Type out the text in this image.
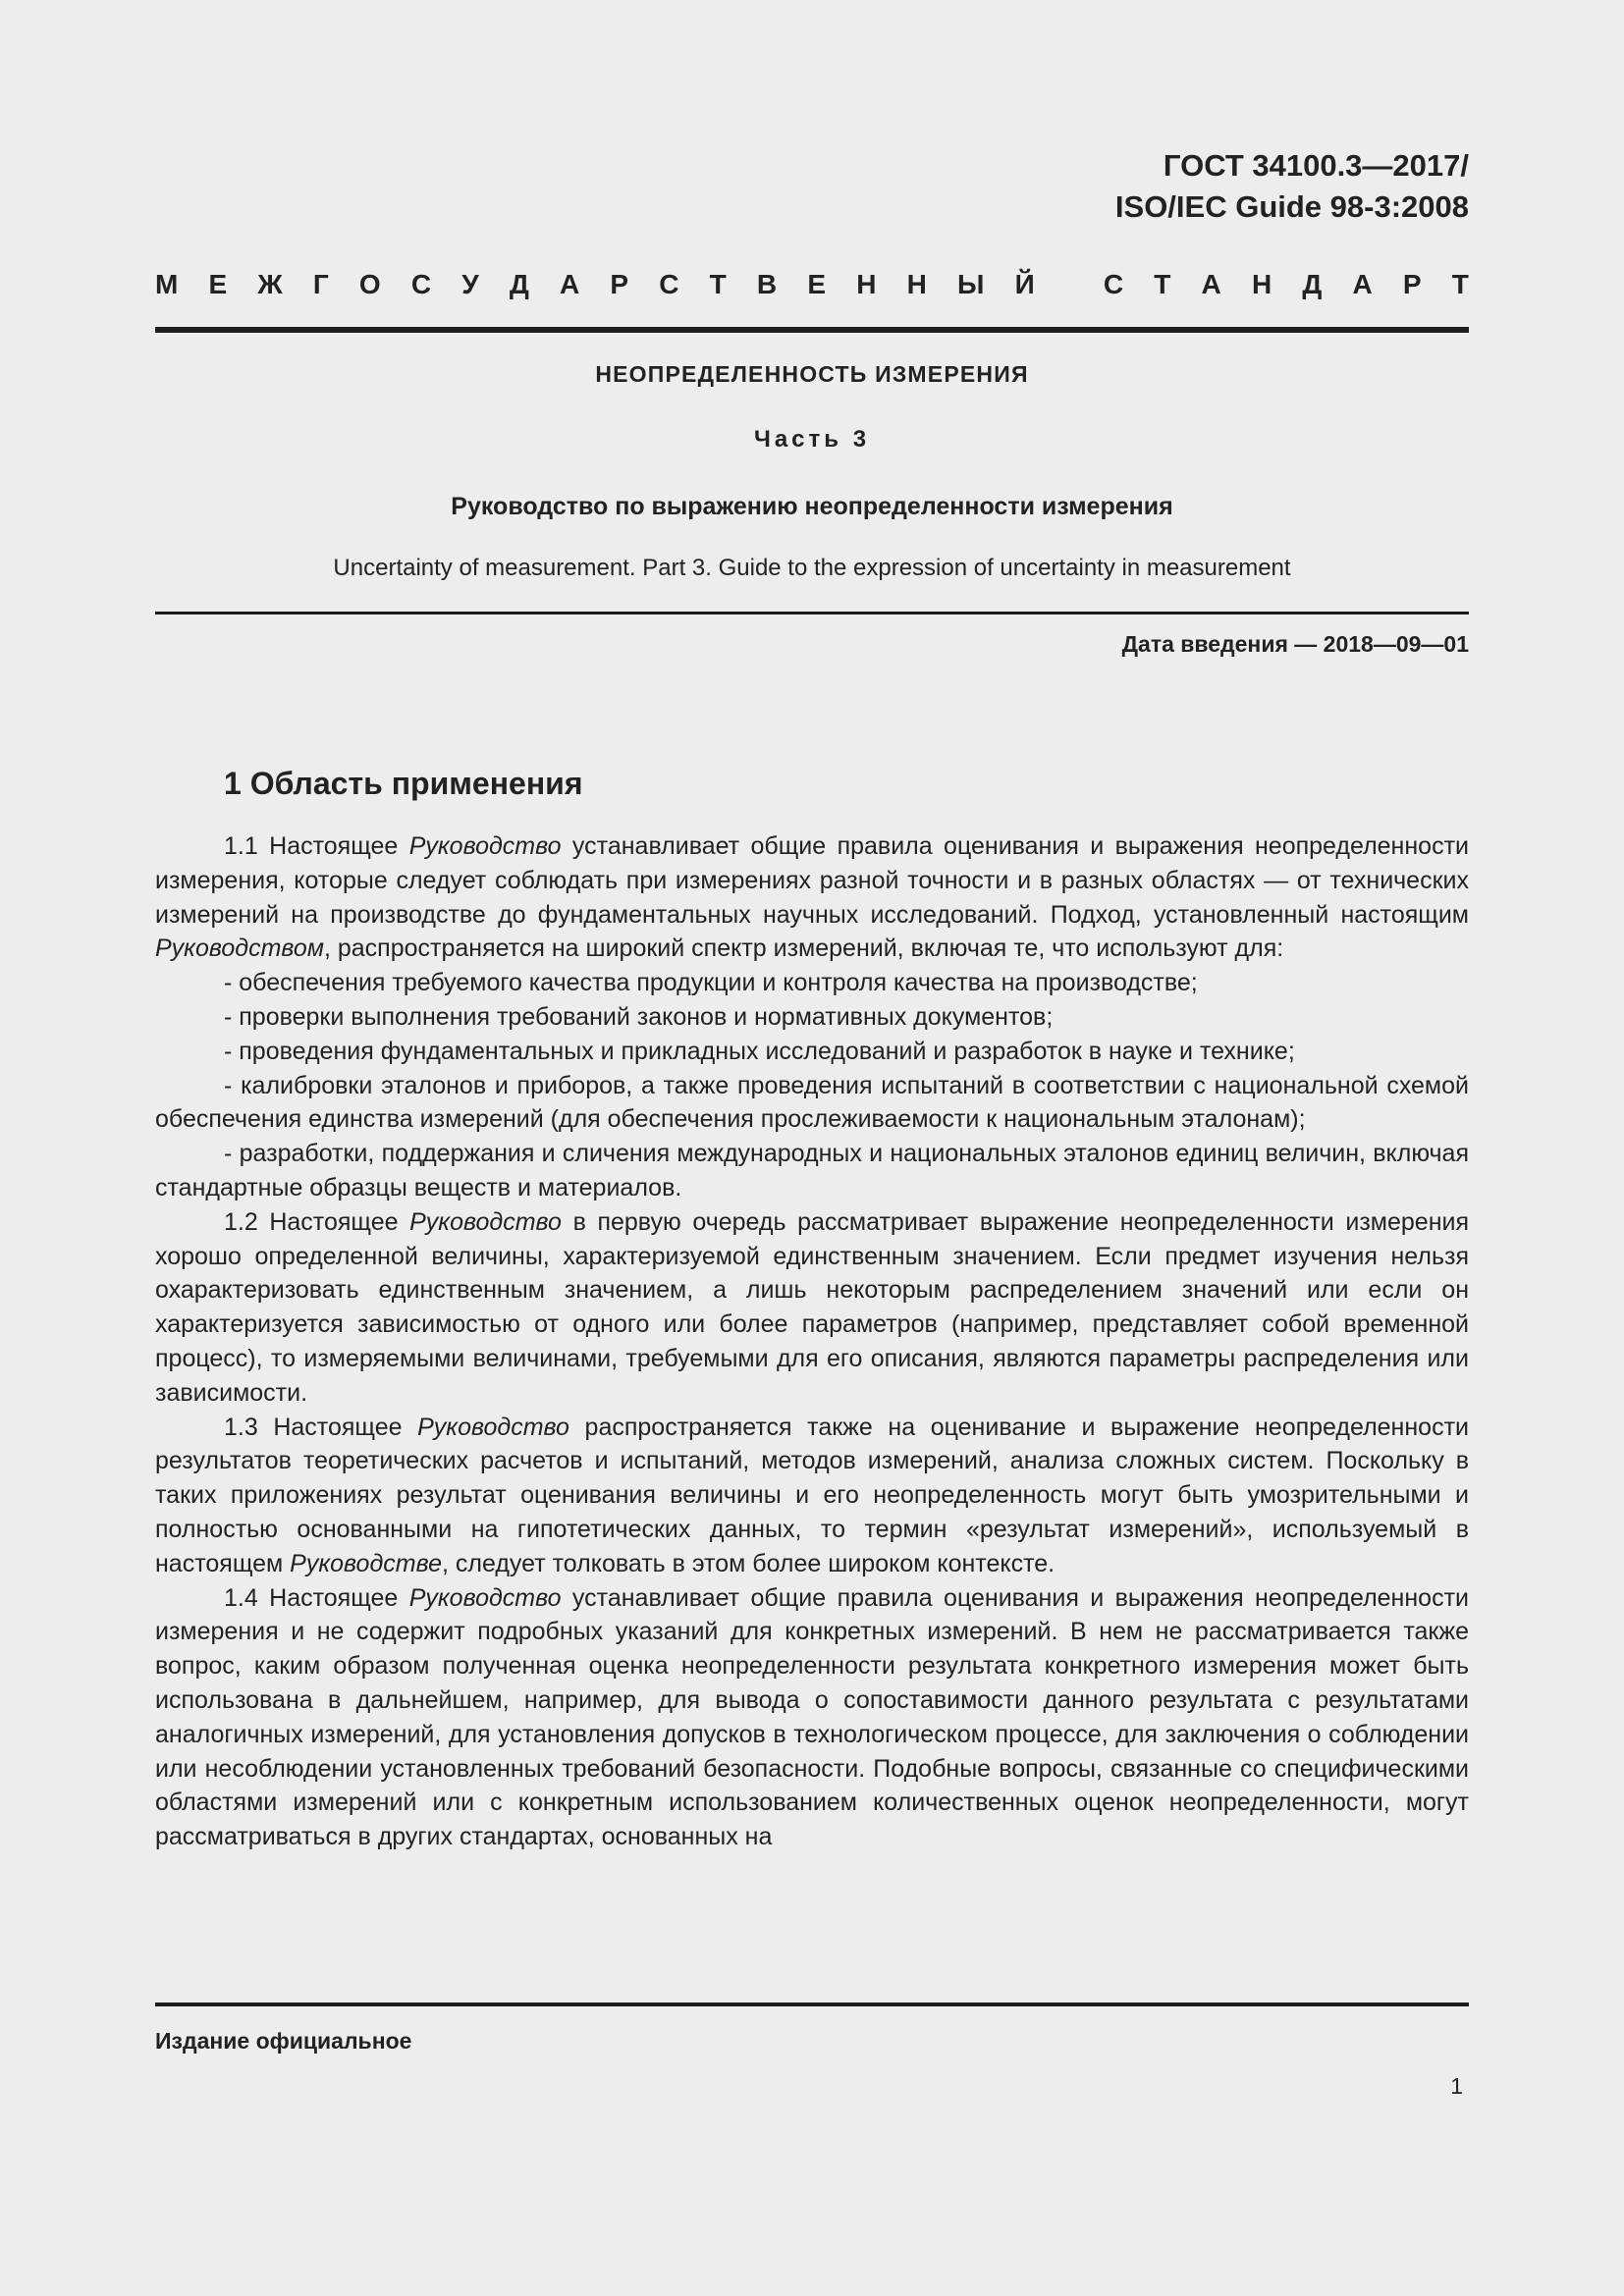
ГОСТ 34100.3—2017/
ISO/IEC Guide 98-3:2008
М Е Ж Г О С У Д А Р С Т В Е Н Н Ы Й
	С Т А Н Д А Р Т
НЕОПРЕДЕЛЕННОСТЬ ИЗМЕРЕНИЯ
Часть 3
Руководство по выражению неопределенности измерения
Uncertainty of measurement. Part 3. Guide to the expression of uncertainty in measurement
Дата введения — 2018—09—01
1 Область применения

1.1 Настоящее Руководство устанавливает общие правила оценивания и выражения неопределенности измерения, которые следует соблюдать при измерениях разной точности и в разных областях — от технических измерений на производстве до фундаментальных научных исследований. Подход, установленный настоящим Руководством, распространяется на широкий спектр измерений, включая те, что используют для:

- обеспечения требуемого качества продукции и контроля качества на производстве;

- проверки выполнения требований законов и нормативных документов;

- проведения фундаментальных и прикладных исследований и разработок в науке и технике;

- калибровки эталонов и приборов, а также проведения испытаний в соответствии с национальной схемой обеспечения единства измерений (для обеспечения прослеживаемости к национальным эталонам);

- разработки, поддержания и сличения международных и национальных эталонов единиц величин, включая стандартные образцы веществ и материалов.

1.2 Настоящее Руководство в первую очередь рассматривает выражение неопределенности измерения хорошо определенной величины, характеризуемой единственным значением. Если предмет изучения нельзя охарактеризовать единственным значением, а лишь некоторым распределением значений или если он характеризуется зависимостью от одного или более параметров (например, представляет собой временной процесс), то измеряемыми величинами, требуемыми для его описания, являются параметры распределения или зависимости.

1.3 Настоящее Руководство распространяется также на оценивание и выражение неопределенности результатов теоретических расчетов и испытаний, методов измерений, анализа сложных систем. Поскольку в таких приложениях результат оценивания величины и его неопределенность могут быть умозрительными и полностью основанными на гипотетических данных, то термин «результат измерений», используемый в настоящем Руководстве, следует толковать в этом более широком контексте.

1.4 Настоящее Руководство устанавливает общие правила оценивания и выражения неопределенности измерения и не содержит подробных указаний для конкретных измерений. В нем не рассматривается также вопрос, каким образом полученная оценка неопределенности результата конкретного измерения может быть использована в дальнейшем, например, для вывода о сопоставимости данного результата с результатами аналогичных измерений, для установления допусков в технологическом процессе, для заключения о соблюдении или несоблюдении установленных требований безопасности. Подобные вопросы, связанные со специфическими областями измерений или с конкретным использованием количественных оценок неопределенности, могут рассматриваться в других стандартах, основанных на

Издание официальное
1
